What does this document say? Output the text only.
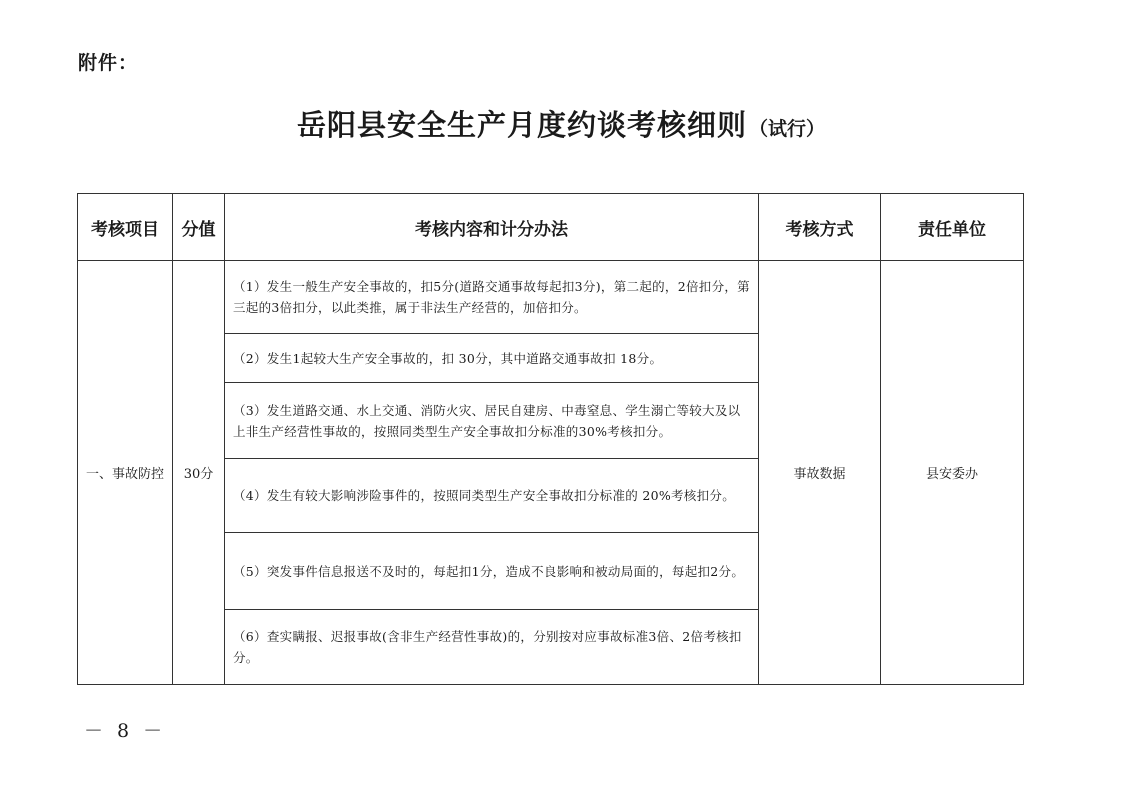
附件：
岳阳县安全生产月度约谈考核细则 （试行）
考核项目	分值	考核内容和计分办法	考核方式	责任单位
一、事故防控	30分	（1）发生一般生产安全事故的，扣5分(道路交通事故每起扣3分)，第二起的，2倍扣分，第三起的3倍扣分，以此类推，属于非法生产经营的，加倍扣分。	事故数据	县安委办
		（2）发生1起较大生产安全事故的，扣 30分，其中道路交通事故扣 18分。		
		（3）发生道路交通、水上交通、消防火灾、居民自建房、中毒窒息、学生溺亡等较大及以上非生产经营性事故的，按照同类型生产安全事故扣分标准的30%考核扣分。		
		（4）发生有较大影响涉险事件的，按照同类型生产安全事故扣分标准的 20%考核扣分。		
		（5）突发事件信息报送不及时的，每起扣1分，造成不良影响和被动局面的，每起扣2分。		
		（6）查实瞒报、迟报事故(含非生产经营性事故)的，分别按对应事故标准3倍、2倍考核扣分。		
－ 8 －
